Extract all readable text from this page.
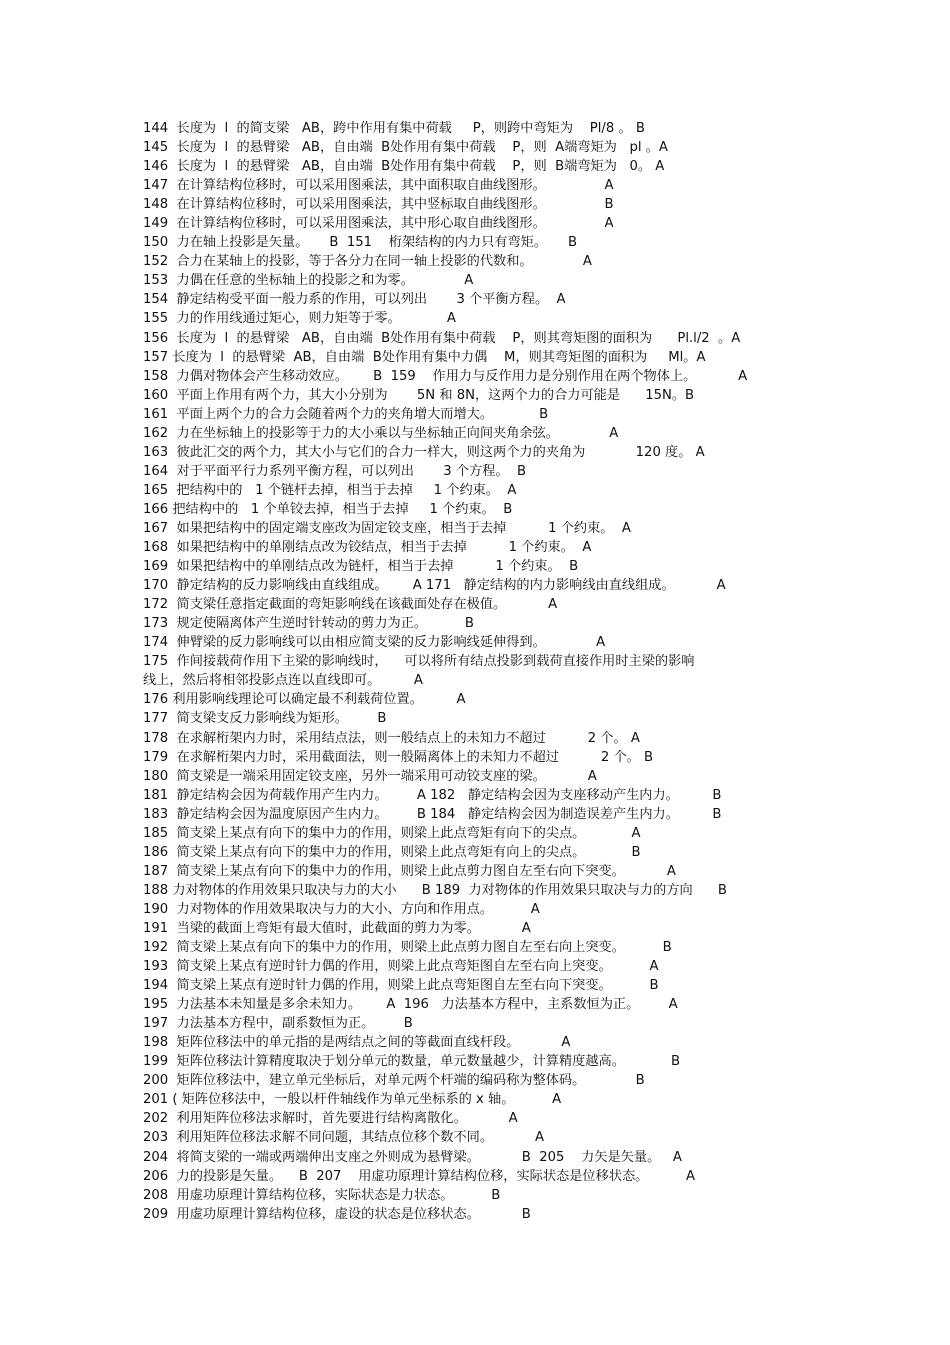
144  长度为  l  的简支梁   AB，跨中作用有集中荷载     P，则跨中弯矩为    Pl/8 。 B
145  长度为  l  的悬臂梁   AB，自由端  B处作用有集中荷载    P，则  A端弯矩为   pl 。A
146  长度为  l  的悬臂梁   AB，自由端  B处作用有集中荷载    P，则  B端弯矩为   0。 A
147  在计算结构位移时，可以采用图乘法，其中面积取自曲线图形。              A
148  在计算结构位移时，可以采用图乘法，其中竖标取自曲线图形。              B
149  在计算结构位移时，可以采用图乘法，其中形心取自曲线图形。              A
150  力在轴上投影是矢量。     B  151    桁架结构的内力只有弯矩。     B
152  合力在某轴上的投影，等于各分力在同一轴上投影的代数和。            A
153  力偶在任意的坐标轴上的投影之和为零。            A
154  静定结构受平面一般力系的作用，可以列出       3 个平衡方程。  A
155  力的作用线通过矩心，则力矩等于零。           A
156  长度为  l  的悬臂梁   AB，自由端  B处作用有集中荷载    P，则其弯矩图的面积为      Pl.l/2  。A
157 长度为  l  的悬臂梁  AB，自由端  B处作用有集中力偶    M，则其弯矩图的面积为     Ml。A
158  力偶对物体会产生移动效应。      B  159    作用力与反作用力是分别作用在两个物体上。          A
160  平面上作用有两个力，其大小分别为       5N 和 8N，这两个力的合力可能是      15N。B
161  平面上两个力的合力会随着两个力的夹角增大而增大。           B
162  力在坐标轴上的投影等于力的大小乘以与坐标轴正向间夹角余弦。            A
163  彼此汇交的两个力，其大小与它们的合力一样大，则这两个力的夹角为            120 度。 A
164  对于平面平行力系列平衡方程，可以列出       3 个方程。  B
165  把结构中的   1 个链杆去掉，相当于去掉     1 个约束。  A
166 把结构中的   1 个单铰去掉，相当于去掉     1 个约束。  B
167  如果把结构中的固定端支座改为固定铰支座，相当于去掉          1 个约束。  A
168  如果把结构中的单刚结点改为铰结点，相当于去掉          1 个约束。  A
169  如果把结构中的单刚结点改为链杆，相当于去掉          1 个约束。  B
170  静定结构的反力影响线由直线组成。      A 171   静定结构的内力影响线由直线组成。          A
172  简支梁任意指定截面的弯矩影响线在该截面处存在极值。          A
173  规定使隔离体产生逆时针转动的剪力为正。         B
174  伸臂梁的反力影响线可以由相应简支梁的反力影响线延伸得到。            A
175  作间接载荷作用下主梁的影响线时，    可以将所有结点投影到载荷直接作用时主梁的影响
线上，然后将相邻投影点连以直线即可。        A
176 利用影响线理论可以确定最不利载荷位置。        A
177  简支梁支反力影响线为矩形。       B
178  在求解桁架内力时，采用结点法，则一般结点上的未知力不超过          2 个。 A
179  在求解桁架内力时，采用截面法，则一般隔离体上的未知力不超过          2 个。 B
180  简支梁是一端采用固定铰支座，另外一端采用可动铰支座的梁。          A
181  静定结构会因为荷载作用产生内力。       A 182   静定结构会因为支座移动产生内力。        B
183  静定结构会因为温度原因产生内力。       B 184   静定结构会因为制造误差产生内力。        B
185  简支梁上某点有向下的集中力的作用，则梁上此点弯矩有向下的尖点。           A
186  简支梁上某点有向下的集中力的作用，则梁上此点弯矩有向上的尖点。           B
187  简支梁上某点有向下的集中力的作用，则梁上此点剪力图自左至右向下突变。          A
188 力对物体的作用效果只取决与力的大小      B 189  力对物体的作用效果只取决与力的方向      B
190  力对物体的作用效果取决与力的大小、方向和作用点。         A
191  当梁的截面上弯矩有最大值时，此截面的剪力为零。          A
192  简支梁上某点有向下的集中力的作用，则梁上此点剪力图自左至右向上突变。         B
193  简支梁上某点有逆时针力偶的作用，则梁上此点弯矩图自左至右向上突变。         A
194  简支梁上某点有逆时针力偶的作用，则梁上此点弯矩图自左至右向下突变。         B
195  力法基本未知量是多余未知力。      A  196   力法基本方程中，主系数恒为正。       A
197  力法基本方程中，副系数恒为正。       B
198  矩阵位移法中的单元指的是两结点之间的等截面直线杆段。          A
199  矩阵位移法计算精度取决于划分单元的数量，单元数量越少，计算精度越高。           B
200  矩阵位移法中，建立单元坐标后，对单元两个杆端的编码称为整体码。            B
201 ( 矩阵位移法中，一般以杆件轴线作为单元坐标系的 x 轴。         A
202  利用矩阵位移法求解时，首先要进行结构离散化。          A
203  利用矩阵位移法求解不同问题，其结点位移个数不同。          A
204  将简支梁的一端或两端伸出支座之外则成为悬臂梁。          B  205    力矢是矢量。   A
206  力的投影是矢量。    B  207    用虚功原理计算结构位移，实际状态是位移状态。         A
208  用虚功原理计算结构位移，实际状态是力状态。         B
209  用虚功原理计算结构位移，虚设的状态是位移状态。          B
